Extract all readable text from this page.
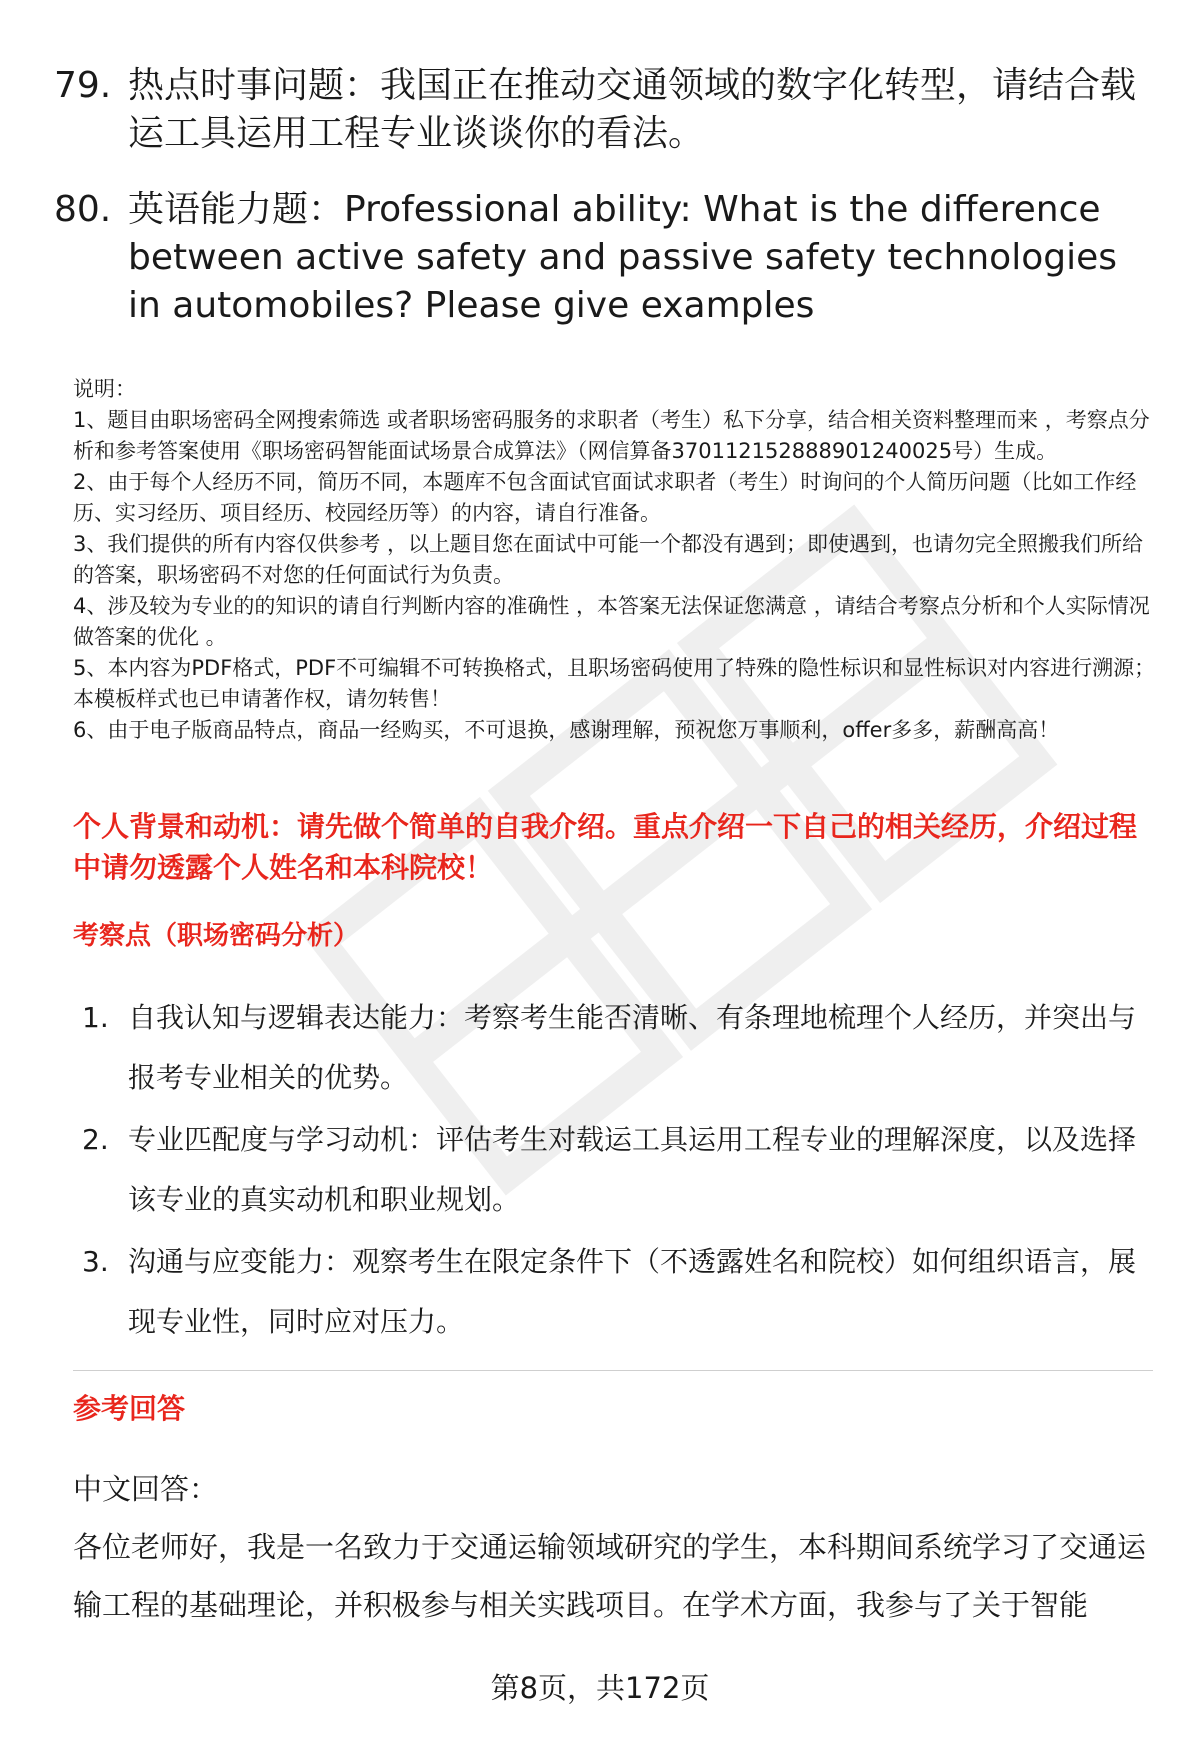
79. 热点时事问题：我国正在推动交通领域的数字化转型，请结合载运工具运用工程专业谈谈你的看法。
80. 英语能力题：Professional ability: What is the difference between active safety and passive safety technologies in automobiles? Please give examples

说明：

1、题目由职场密码全网搜索筛选 或者职场密码服务的求职者（考生）私下分享，结合相关资料整理而来 ，考察点分析和参考答案使用《职场密码智能面试场景合成算法》（网信算备370112152888901240025号）生成。

2、由于每个人经历不同，简历不同，本题库不包含面试官面试求职者（考生）时询问的个人简历问题（比如工作经历、实习经历、项目经历、校园经历等）的内容，请自行准备。

3、我们提供的所有内容仅供参考 ，以上题目您在面试中可能一个都没有遇到；即使遇到，也请勿完全照搬我们所给的答案，职场密码不对您的任何面试行为负责。

4、涉及较为专业的的知识的请自行判断内容的准确性 ，本答案无法保证您满意 ，请结合考察点分析和个人实际情况做答案的优化 。

5、本内容为PDF格式，PDF不可编辑不可转换格式，且职场密码使用了特殊的隐性标识和显性标识对内容进行溯源；本模板样式也已申请著作权，请勿转售！

6、由于电子版商品特点，商品一经购买，不可退换，感谢理解，预祝您万事顺利，offer多多，薪酬高高！

个人背景和动机：请先做个简单的自我介绍。重点介绍一下自己的相关经历，介绍过程中请勿透露个人姓名和本科院校！
考察点（职场密码分析）
1. 自我认知与逻辑表达能力：考察考生能否清晰、有条理地梳理个人经历，并突出与报考专业相关的优势。
2. 专业匹配度与学习动机：评估考生对载运工具运用工程专业的理解深度，以及选择该专业的真实动机和职业规划。
3. 沟通与应变能力：观察考生在限定条件下（不透露姓名和院校）如何组织语言，展现专业性，同时应对压力。
参考回答

中文回答：

各位老师好，我是一名致力于交通运输领域研究的学生，本科期间系统学习了交通运输工程的基础理论，并积极参与相关实践项目。在学术方面，我参与了关于智能

第8页，共172页
